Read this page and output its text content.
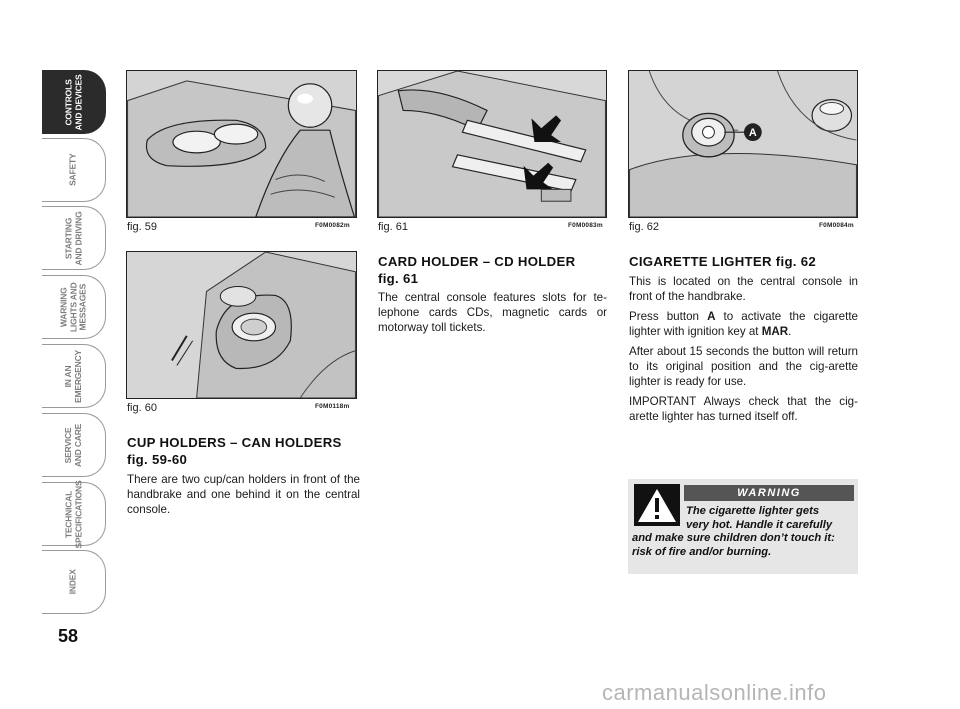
CONTROLS
AND DEVICES
SAFETY
STARTING
AND DRIVING
WARNING
LIGHTS AND
MESSAGES
IN AN
EMERGENCY
SERVICE
AND CARE
TECHNICAL
SPECIFICATIONS
INDEX
58
fig. 59	F0M0082m
fig. 60	F0M0118m
CUP HOLDERS – CAN HOLDERS
fig. 59-60
There are two cup/can holders in front of the handbrake and one behind it on the central console.
fig. 61	F0M0083m
CARD HOLDER – CD HOLDER
fig. 61
The central console features slots for te-lephone cards CDs, magnetic cards or motorway toll tickets.
A
fig. 62	F0M0084m
CIGARETTE LIGHTER fig. 62

This is located on the central console in front of the handbrake.

Press button A to activate the cigarette lighter with ignition key at MAR.

After about 15 seconds the button will return to its original position and the cig-arette lighter is ready for use.

IMPORTANT Always check that the cig-arette lighter has turned itself off.

WARNING
The cigarette lighter gets
very hot. Handle it carefully
and make sure children don’t touch it: risk of fire and/or burning.
carmanualsonline.info
